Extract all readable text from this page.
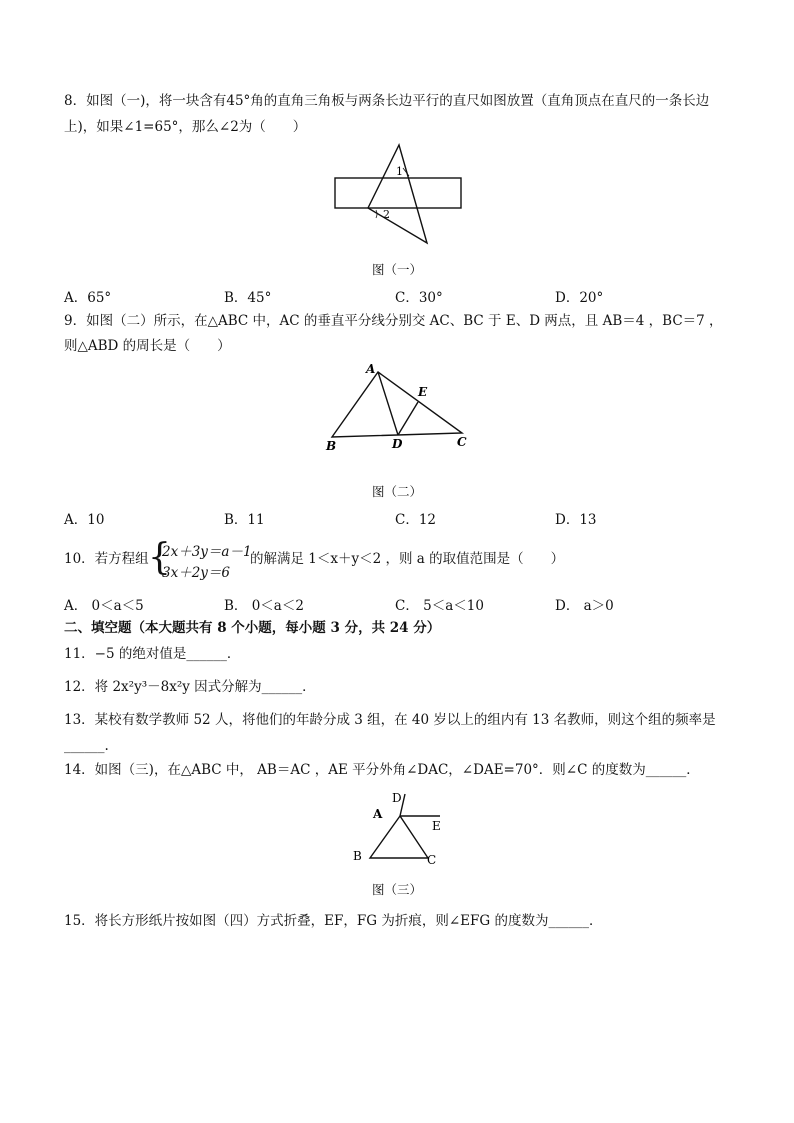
8．如图（一)，将一块含有45°角的直角三角板与两条长边平行的直尺如图放置（直角顶点在直尺的一条长边
上)，如果∠1=65°，那么∠2为（　　）
1
2
图（一）
A．65°	B．45°	C．30°	D．20°
9．如图（二）所示，在△ABC 中，AC 的垂直平分线分别交 AC、BC 于 E、D 两点，且 AB＝4 ，BC＝7 ，
则△ABD 的周长是（　　）
A
B	C
D
E
图（二）
A．10	B．11	C．12	D．13
10．若方程组 {
2x＋3y＝a－1
3x＋2y＝6
的解满足 1＜x＋y＜2 ，则 a 的取值范围是（　　）
A． 0＜a＜5	B． 0＜a＜2	C． 5＜a＜10	D． a＞0
二、填空题（本大题共有 8 个小题，每小题 3 分，共 24 分）
11．−5 的绝对值是______．
12．将 2x²y³－8x²y 因式分解为______．
13．某校有数学教师 52 人，将他们的年龄分成 3 组，在 40 岁以上的组内有 13 名教师，则这个组的频率是
______.
14．如图（三)，在△ABC 中， AB＝AC ，AE 平分外角∠DAC，∠DAE=70°．则∠C 的度数为______．
A
B	C
D
E
图（三）
15．将长方形纸片按如图（四）方式折叠，EF，FG 为折痕，则∠EFG 的度数为______．
